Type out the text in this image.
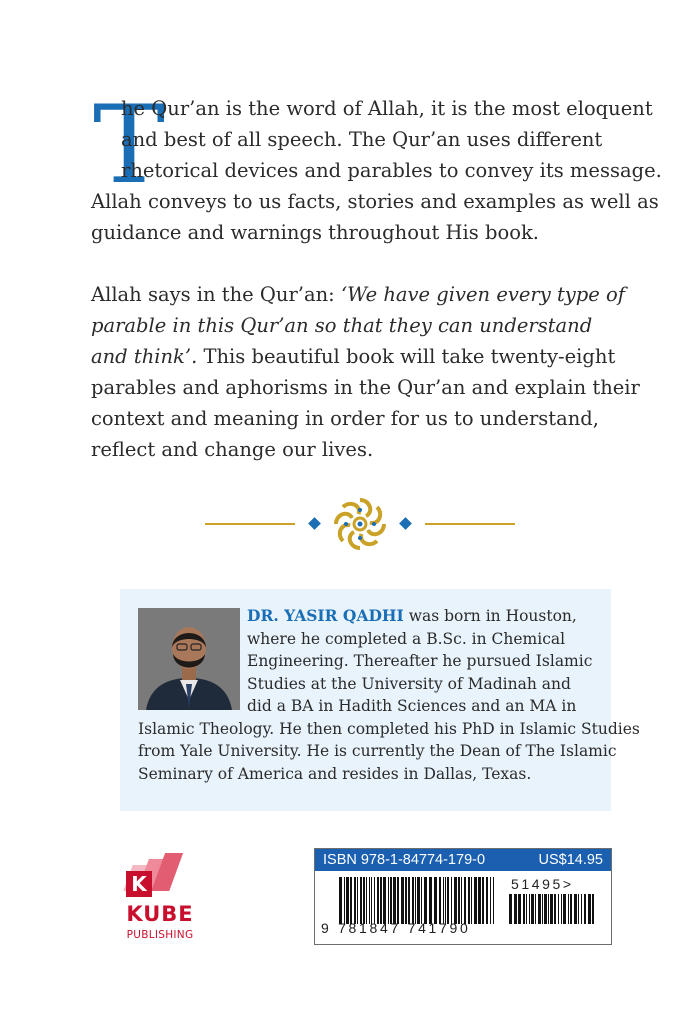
T

he Qur’an is the word of Allah, it is the most eloquent
and best of all speech. The Qur’an uses different
rhetorical devices and parables to convey its message.
Allah conveys to us facts, stories and examples as well as
guidance and warnings throughout His book.

Allah says in the Qur’an: ‘We have given every type of
parable in this Qur’an so that they can understand
and think’. This beautiful book will take twenty-eight
parables and aphorisms in the Qur’an and explain their
context and meaning in order for us to understand,
reflect and change our lives.

DR. YASIR QADHI was born in Houston,
where he completed a B.Sc. in Chemical
Engineering. Thereafter he pursued Islamic
Studies at the University of Madinah and
did a BA in Hadith Sciences and an MA in
Islamic Theology. He then completed his PhD in Islamic Studies
from Yale University. He is currently the Dean of The Islamic
Seminary of America and resides in Dallas, Texas.
K
KUBE
PUBLISHING
ISBN 978-1-84774-179-0	US$14.95
9 781847 741790
51495>
